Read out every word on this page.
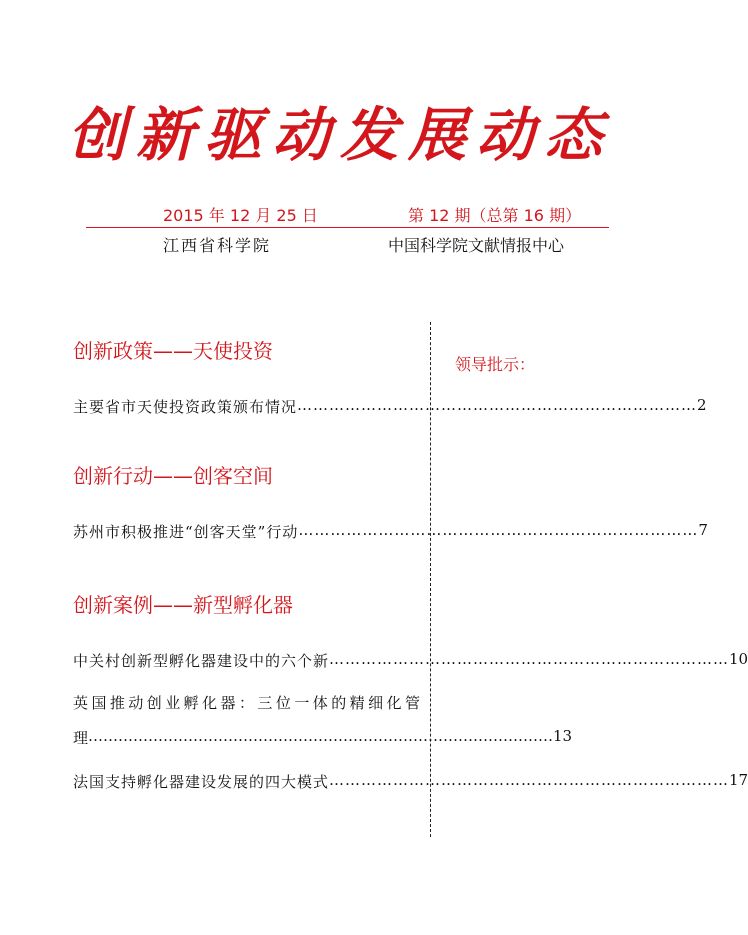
创新驱动发展动态
2015 年 12 月 25 日	第 12 期（总第 16 期）
江西省科学院	中国科学院文献情报中心
领导批示：
创新政策——天使投资
主要省市天使投资政策颁布情况 ………………………………………………………………… 2
创新行动——创客空间
苏州市积极推进“创客天堂”行动 ………………………………………………………………… 7
创新案例——新型孵化器
中关村创新型孵化器建设中的六个新 ………………………………………………………………… 10
英国推动创业孵化器：三位一体的精细化管
理 ………………………………………………………………………………… 13
法国支持孵化器建设发展的四大模式 ………………………………………………………………… 17
